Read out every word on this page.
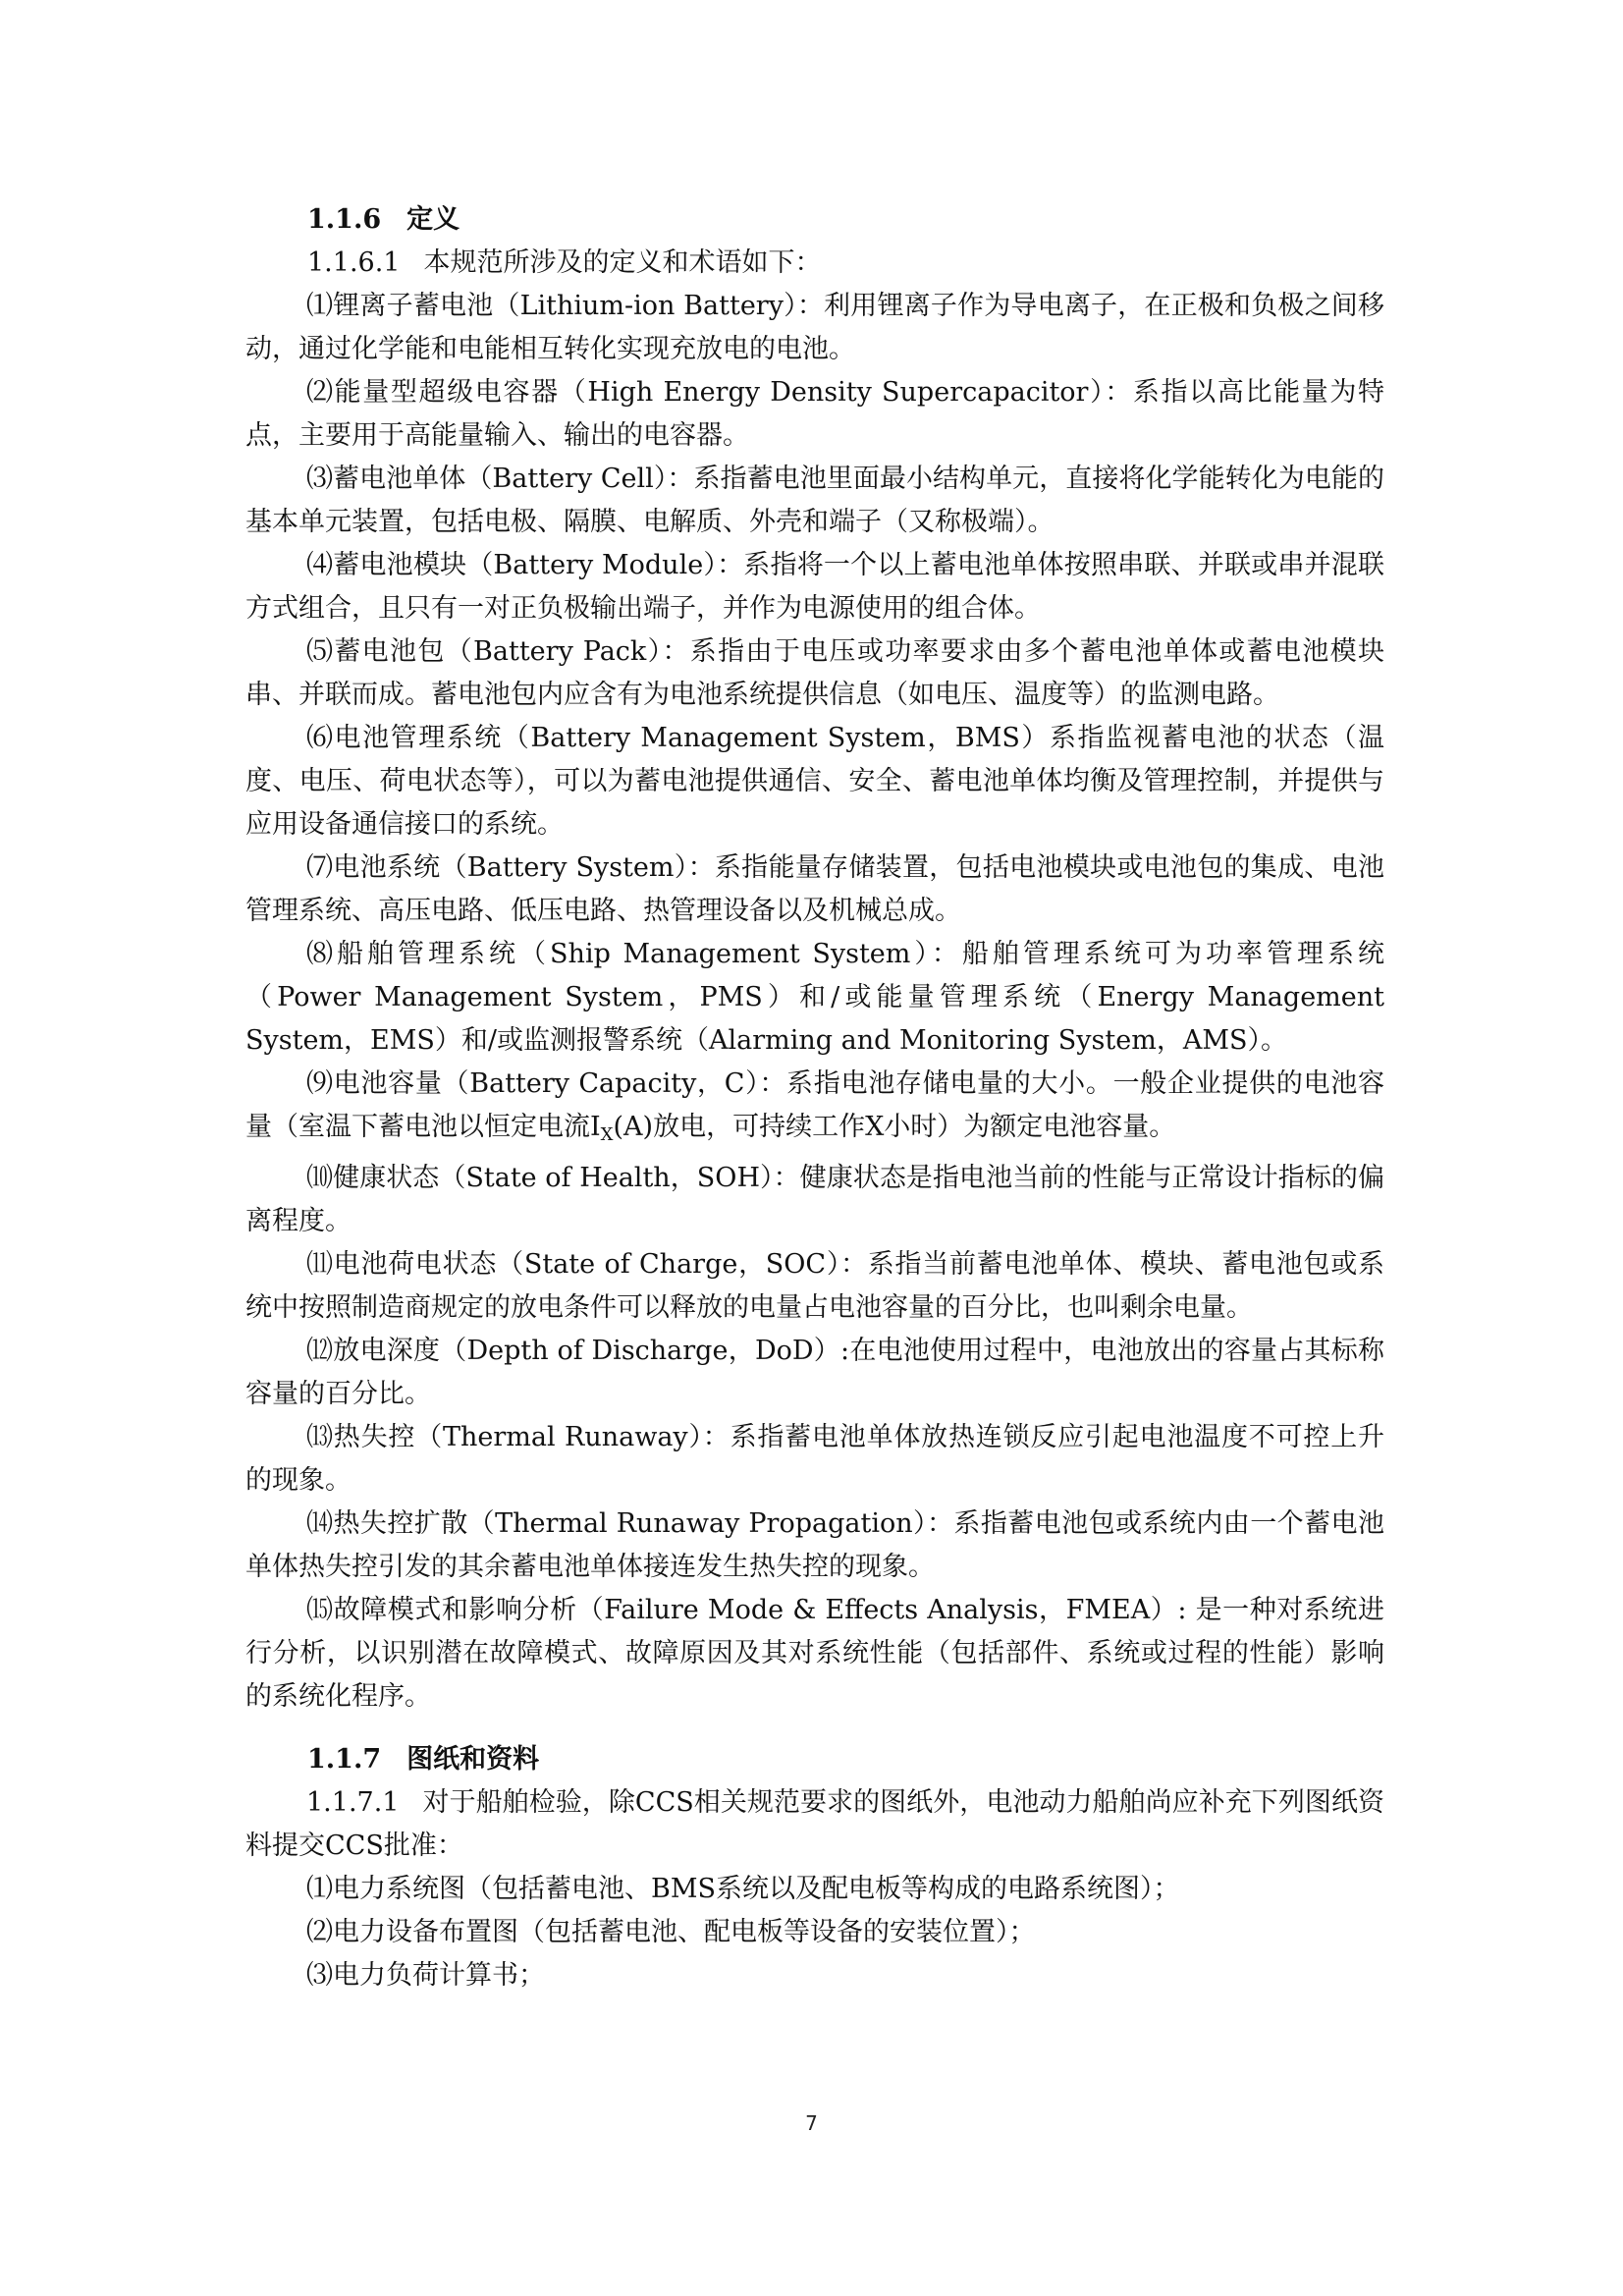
1.1.6 定义
1.1.6.1 本规范所涉及的定义和术语如下：

⑴锂离子蓄电池（Lithium-ion Battery）：利用锂离子作为导电离子，在正极和负极之间移动，通过化学能和电能相互转化实现充放电的电池。

⑵能量型超级电容器（High Energy Density Supercapacitor）：系指以高比能量为特点，主要用于高能量输入、输出的电容器。

⑶蓄电池单体（Battery Cell）：系指蓄电池里面最小结构单元，直接将化学能转化为电能的基本单元装置，包括电极、隔膜、电解质、外壳和端子（又称极端）。

⑷蓄电池模块（Battery Module）：系指将一个以上蓄电池单体按照串联、并联或串并混联方式组合，且只有一对正负极输出端子，并作为电源使用的组合体。

⑸蓄电池包（Battery Pack）：系指由于电压或功率要求由多个蓄电池单体或蓄电池模块串、并联而成。蓄电池包内应含有为电池系统提供信息（如电压、温度等）的监测电路。

⑹电池管理系统（Battery Management System，BMS）系指监视蓄电池的状态（温度、电压、荷电状态等），可以为蓄电池提供通信、安全、蓄电池单体均衡及管理控制，并提供与应用设备通信接口的系统。

⑺电池系统（Battery System）：系指能量存储装置，包括电池模块或电池包的集成、电池管理系统、高压电路、低压电路、热管理设备以及机械总成。

⑻船舶管理系统（Ship Management System）：船舶管理系统可为功率管理系统（Power Management System，PMS）和/或能量管理系统（Energy Management System，EMS）和/或监测报警系统（Alarming and Monitoring System，AMS）。

⑼电池容量（Battery Capacity，C）：系指电池存储电量的大小。一般企业提供的电池容量（室温下蓄电池以恒定电流$I_X(A)$放电，可持续工作X小时）为额定电池容量。

⑽健康状态（State of Health，SOH）：健康状态是指电池当前的性能与正常设计指标的偏离程度。

⑾电池荷电状态（State of Charge，SOC）：系指当前蓄电池单体、模块、蓄电池包或系统中按照制造商规定的放电条件可以释放的电量占电池容量的百分比，也叫剩余电量。

⑿放电深度（Depth of Discharge，DoD）:在电池使用过程中，电池放出的容量占其标称容量的百分比。

⒀热失控（Thermal Runaway）：系指蓄电池单体放热连锁反应引起电池温度不可控上升的现象。

⒁热失控扩散（Thermal Runaway Propagation）：系指蓄电池包或系统内由一个蓄电池单体热失控引发的其余蓄电池单体接连发生热失控的现象。

⒂故障模式和影响分析（Failure Mode & Effects Analysis，FMEA）: 是一种对系统进行分析，以识别潜在故障模式、故障原因及其对系统性能（包括部件、系统或过程的性能）影响的系统化程序。

1.1.7 图纸和资料

1.1.7.1 对于船舶检验，除CCS相关规范要求的图纸外，电池动力船舶尚应补充下列图纸资料提交CCS批准：

⑴电力系统图（包括蓄电池、BMS系统以及配电板等构成的电路系统图）；

⑵电力设备布置图（包括蓄电池、配电板等设备的安装位置）；

⑶电力负荷计算书；

7
